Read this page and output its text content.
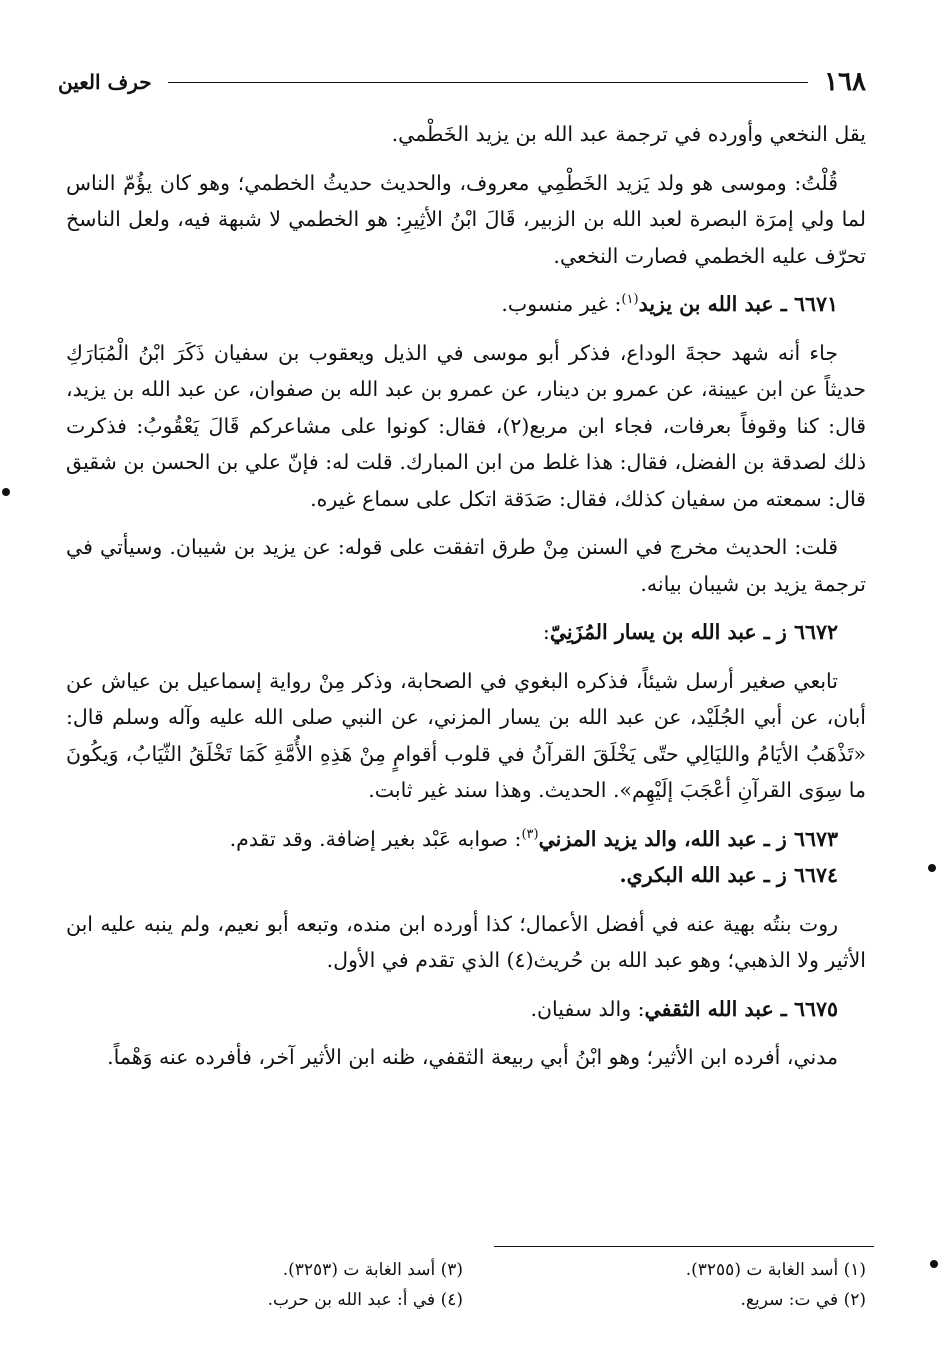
١٦٨
حرف العين

يقل النخعي وأورده في ترجمة عبد الله بن يزيد الخَطْمي.

قُلْتُ: وموسى هو ولد يَزيد الخَطْمِي معروف، والحديث حديثُ الخطمي؛ وهو كان يؤُمّ الناس لما ولي إمرَة البصرة لعبد الله بن الزبير، قَالَ ابْنُ الأثِيرِ: هو الخطمي لا شبهة فيه، ولعل الناسخ تحرّف عليه الخطمي فصارت النخعي.

٦٦٧١ ـ عبد الله بن يزيد$^{(١)}$: غير منسوب.

جاء أنه شهد حجةَ الوداع، فذكر أبو موسى في الذيل ويعقوب بن سفيان ذَكَرَ ابْنُ الْمُبَارَكِ حديثاً عن ابن عيينة، عن عمرو بن دينار، عن عمرو بن عبد الله بن صفوان، عن عبد الله بن يزيد، قال: كنا وقوفاً بعرفات، فجاء ابن مربع(٢)، فقال: كونوا على مشاعركم قَالَ يَعْقُوبُ: فذكرت ذلك لصدقة بن الفضل، فقال: هذا غلط من ابن المبارك. قلت له: فإنّ علي بن الحسن بن شقيق قال: سمعته من سفيان كذلك، فقال: صَدَقة اتكل على سماع غيره.

قلت: الحديث مخرج في السنن مِنْ طرق اتفقت على قوله: عن يزيد بن شيبان. وسيأتي في ترجمة يزيد بن شيبان بيانه.

٦٦٧٢ ز ـ عبد الله بن يسار المُزَنِيّ:

تابعي صغير أرسل شيئاً، فذكره البغوي في الصحابة، وذكر مِنْ رواية إسماعيل بن عياش عن أبان، عن أبي الجُلَيْد، عن عبد الله بن يسار المزني، عن النبي صلى الله عليه وآله وسلم قال: «تَذْهَبُ الأيَامُ والليَالِي حتّى يَخْلَقَ القرآنُ في قلوب أقوامٍ مِنْ هَذِهِ الأُمَّةِ كَمَا تَخْلَقُ الثّيَابُ، وَيكُونَ ما سِوَى القرآنِ أعْجَبَ إلَيْهِم». الحديث. وهذا سند غير ثابت.

٦٦٧٣ ز ـ عبد الله، والد يزيد المزني$^{(٣)}$: صوابه عَبْد بغير إضافة. وقد تقدم.

٦٦٧٤ ز ـ عبد الله البكري.

روت بنتُه بهية عنه في أفضل الأعمال؛ كذا أورده ابن منده، وتبعه أبو نعيم، ولم ينبه عليه ابن الأثير ولا الذهبي؛ وهو عبد الله بن حُريث(٤) الذي تقدم في الأول.

٦٦٧٥ ـ عبد الله الثقفي: والد سفيان.

مدني، أفرده ابن الأثير؛ وهو ابْنُ أبي ربيعة الثقفي، ظنه ابن الأثير آخر، فأفرده عنه وَهْماً.

(١) أسد الغابة ت (٣٢٥٥).
(٣) أسد الغابة ت (٣٢٥٣).
(٢) في ت: سريع.
(٤) في أ: عبد الله بن حرب.
